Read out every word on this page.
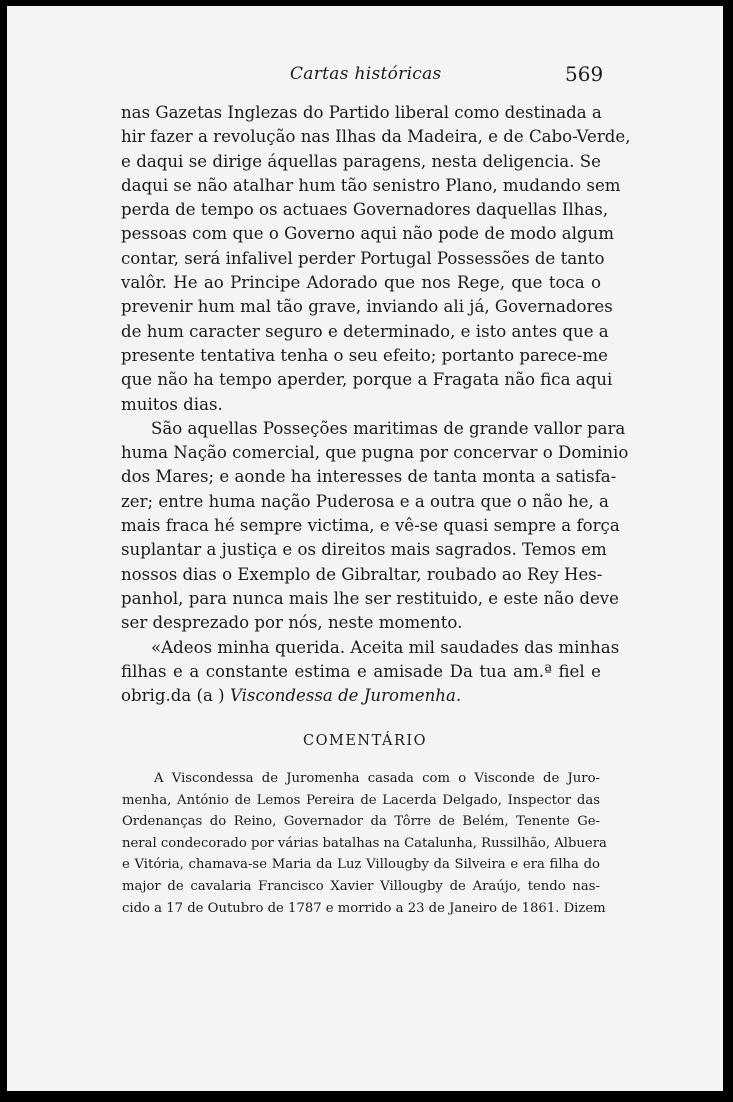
Cartas históricas	569
nas Gazetas Inglezas do Partido liberal como destinada a
hir fazer a revolução nas Ilhas da Madeira, e de Cabo-Verde,
e daqui se dirige áquellas paragens, nesta deligencia. Se
daqui se não atalhar hum tão senistro Plano, mudando sem
perda de tempo os actuaes Governadores daquellas Ilhas,
pessoas com que o Governo aqui não pode de modo algum
contar, será infalivel perder Portugal Possessões de tanto
valôr. He ao Principe Adorado que nos Rege, que toca o
prevenir hum mal tão grave, inviando ali já, Governadores
de hum caracter seguro e determinado, e isto antes que a
presente tentativa tenha o seu efeito; portanto parece-me
que não ha tempo aperder, porque a Fragata não fica aqui
muitos dias.
São aquellas Posseções maritimas de grande vallor para
huma Nação comercial, que pugna por concervar o Dominio
dos Mares; e aonde ha interesses de tanta monta a satisfa-
zer; entre huma nação Puderosa e a outra que o não he, a
mais fraca hé sempre victima, e vê-se quasi sempre a força
suplantar a justiça e os direitos mais sagrados. Temos em
nossos dias o Exemplo de Gibraltar, roubado ao Rey Hes-
panhol, para nunca mais lhe ser restituido, e este não deve
ser desprezado por nós, neste momento.
«Adeos minha querida. Aceita mil saudades das minhas
filhas e a constante estima e amisade Da tua am.ª fiel e
obrig.da (a ) Viscondessa de Juromenha.
COMENTÁRIO
A Viscondessa de Juromenha casada com o Visconde de Juro-
menha, António de Lemos Pereira de Lacerda Delgado, Inspector das
Ordenanças do Reino, Governador da Tôrre de Belém, Tenente Ge-
neral condecorado por várias batalhas na Catalunha, Russilhão, Albuera
e Vitória, chamava-se Maria da Luz Villougby da Silveira e era filha do
major de cavalaria Francisco Xavier Villougby de Araújo, tendo nas-
cido a 17 de Outubro de 1787 e morrido a 23 de Janeiro de 1861. Dizem
